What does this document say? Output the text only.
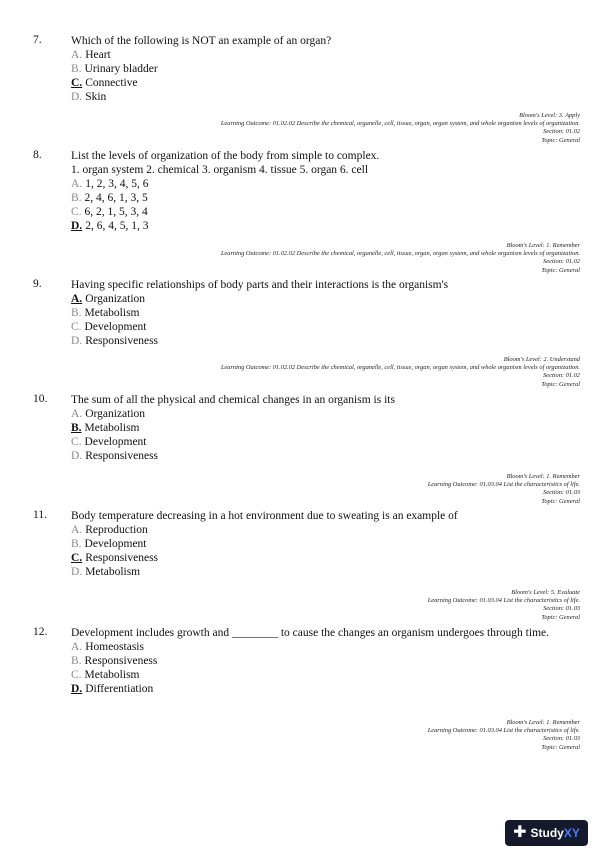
7.	Which of the following is NOT an example of an organ?
A. Heart
B. Urinary bladder
C. Connective
D. Skin
Bloom's Level: 3. Apply
Learning Outcome: 01.02.02 Describe the chemical, organelle, cell, tissue, organ, organ system, and whole organism levels of organization.
Section: 01.02
Topic: General
8.	List the levels of organization of the body from simple to complex.
1. organ system 2. chemical 3. organism 4. tissue 5. organ 6. cell
A. 1, 2, 3, 4, 5, 6
B. 2, 4, 6, 1, 3, 5
C. 6, 2, 1, 5, 3, 4
D. 2, 6, 4, 5, 1, 3
Bloom's Level: 1. Remember
Learning Outcome: 01.02.02 Describe the chemical, organelle, cell, tissue, organ, organ system, and whole organism levels of organization.
Section: 01.02
Topic: General
9.	Having specific relationships of body parts and their interactions is the organism's
A. Organization
B. Metabolism
C. Development
D. Responsiveness
Bloom's Level: 2. Understand
Learning Outcome: 01.02.02 Describe the chemical, organelle, cell, tissue, organ, organ system, and whole organism levels of organization.
Section: 01.02
Topic: General
10. The sum of all the physical and chemical changes in an organism is its
A. Organization
B. Metabolism
C. Development
D. Responsiveness
Bloom's Level: 1. Remember
Learning Outcome: 01.03.04 List the characteristics of life.
Section: 01.03
Topic: General
11. Body temperature decreasing in a hot environment due to sweating is an example of
A. Reproduction
B. Development
C. Responsiveness
D. Metabolism
Bloom's Level: 5. Evaluate
Learning Outcome: 01.03.04 List the characteristics of life.
Section: 01.03
Topic: General
12. Development includes growth and ________ to cause the changes an organism undergoes through time.
A. Homeostasis
B. Responsiveness
C. Metabolism
D. Differentiation
Bloom's Level: 1. Remember
Learning Outcome: 01.03.04 List the characteristics of life.
Section: 01.03
Topic: General
✚ Study XY
